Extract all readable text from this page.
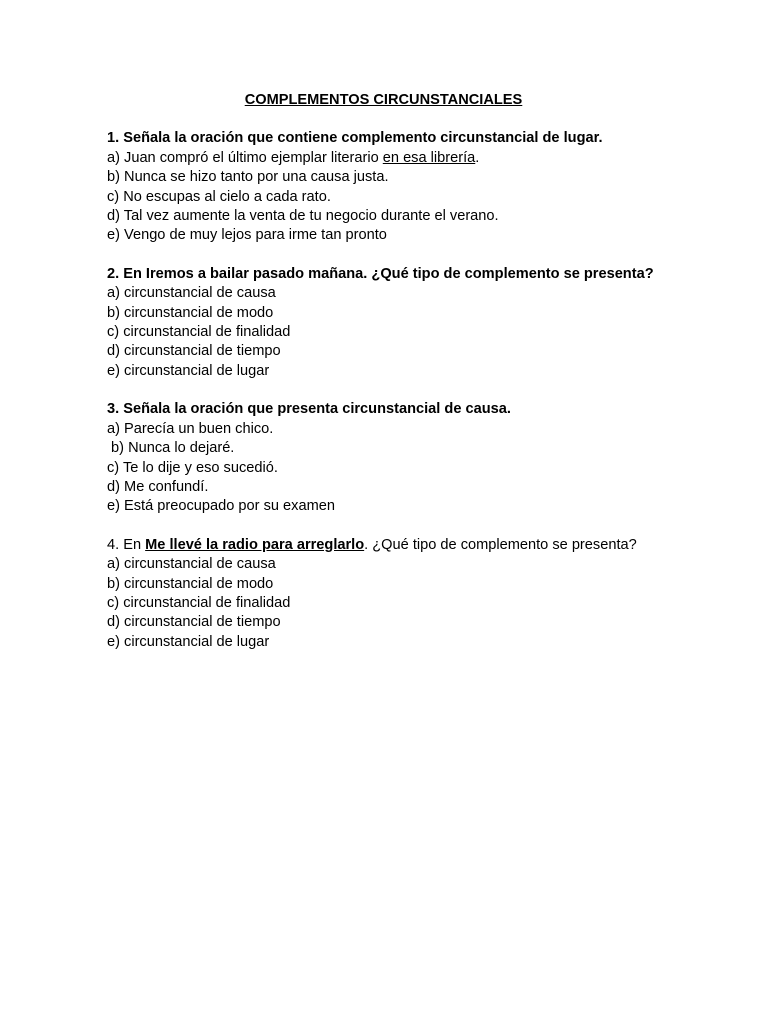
COMPLEMENTOS CIRCUNSTANCIALES
1. Señala la oración que contiene complemento circunstancial de lugar.
a) Juan compró el último ejemplar literario en esa librería.
b) Nunca se hizo tanto por una causa justa.
c) No escupas al cielo a cada rato.
d) Tal vez aumente la venta de tu negocio durante el verano.
e) Vengo de muy lejos para irme tan pronto
2. En Iremos a bailar pasado mañana. ¿Qué tipo de complemento se presenta?
a) circunstancial de causa
b) circunstancial de modo
c) circunstancial de finalidad
d) circunstancial de tiempo
e) circunstancial de lugar
3. Señala la oración que presenta circunstancial de causa.
a) Parecía un buen chico.
b) Nunca lo dejaré.
c) Te lo dije y eso sucedió.
d) Me confundí.
e) Está preocupado por su examen
4. En Me llevé la radio para arreglarlo. ¿Qué tipo de complemento se presenta?
a) circunstancial de causa
b) circunstancial de modo
c) circunstancial de finalidad
d) circunstancial de tiempo
e) circunstancial de lugar
